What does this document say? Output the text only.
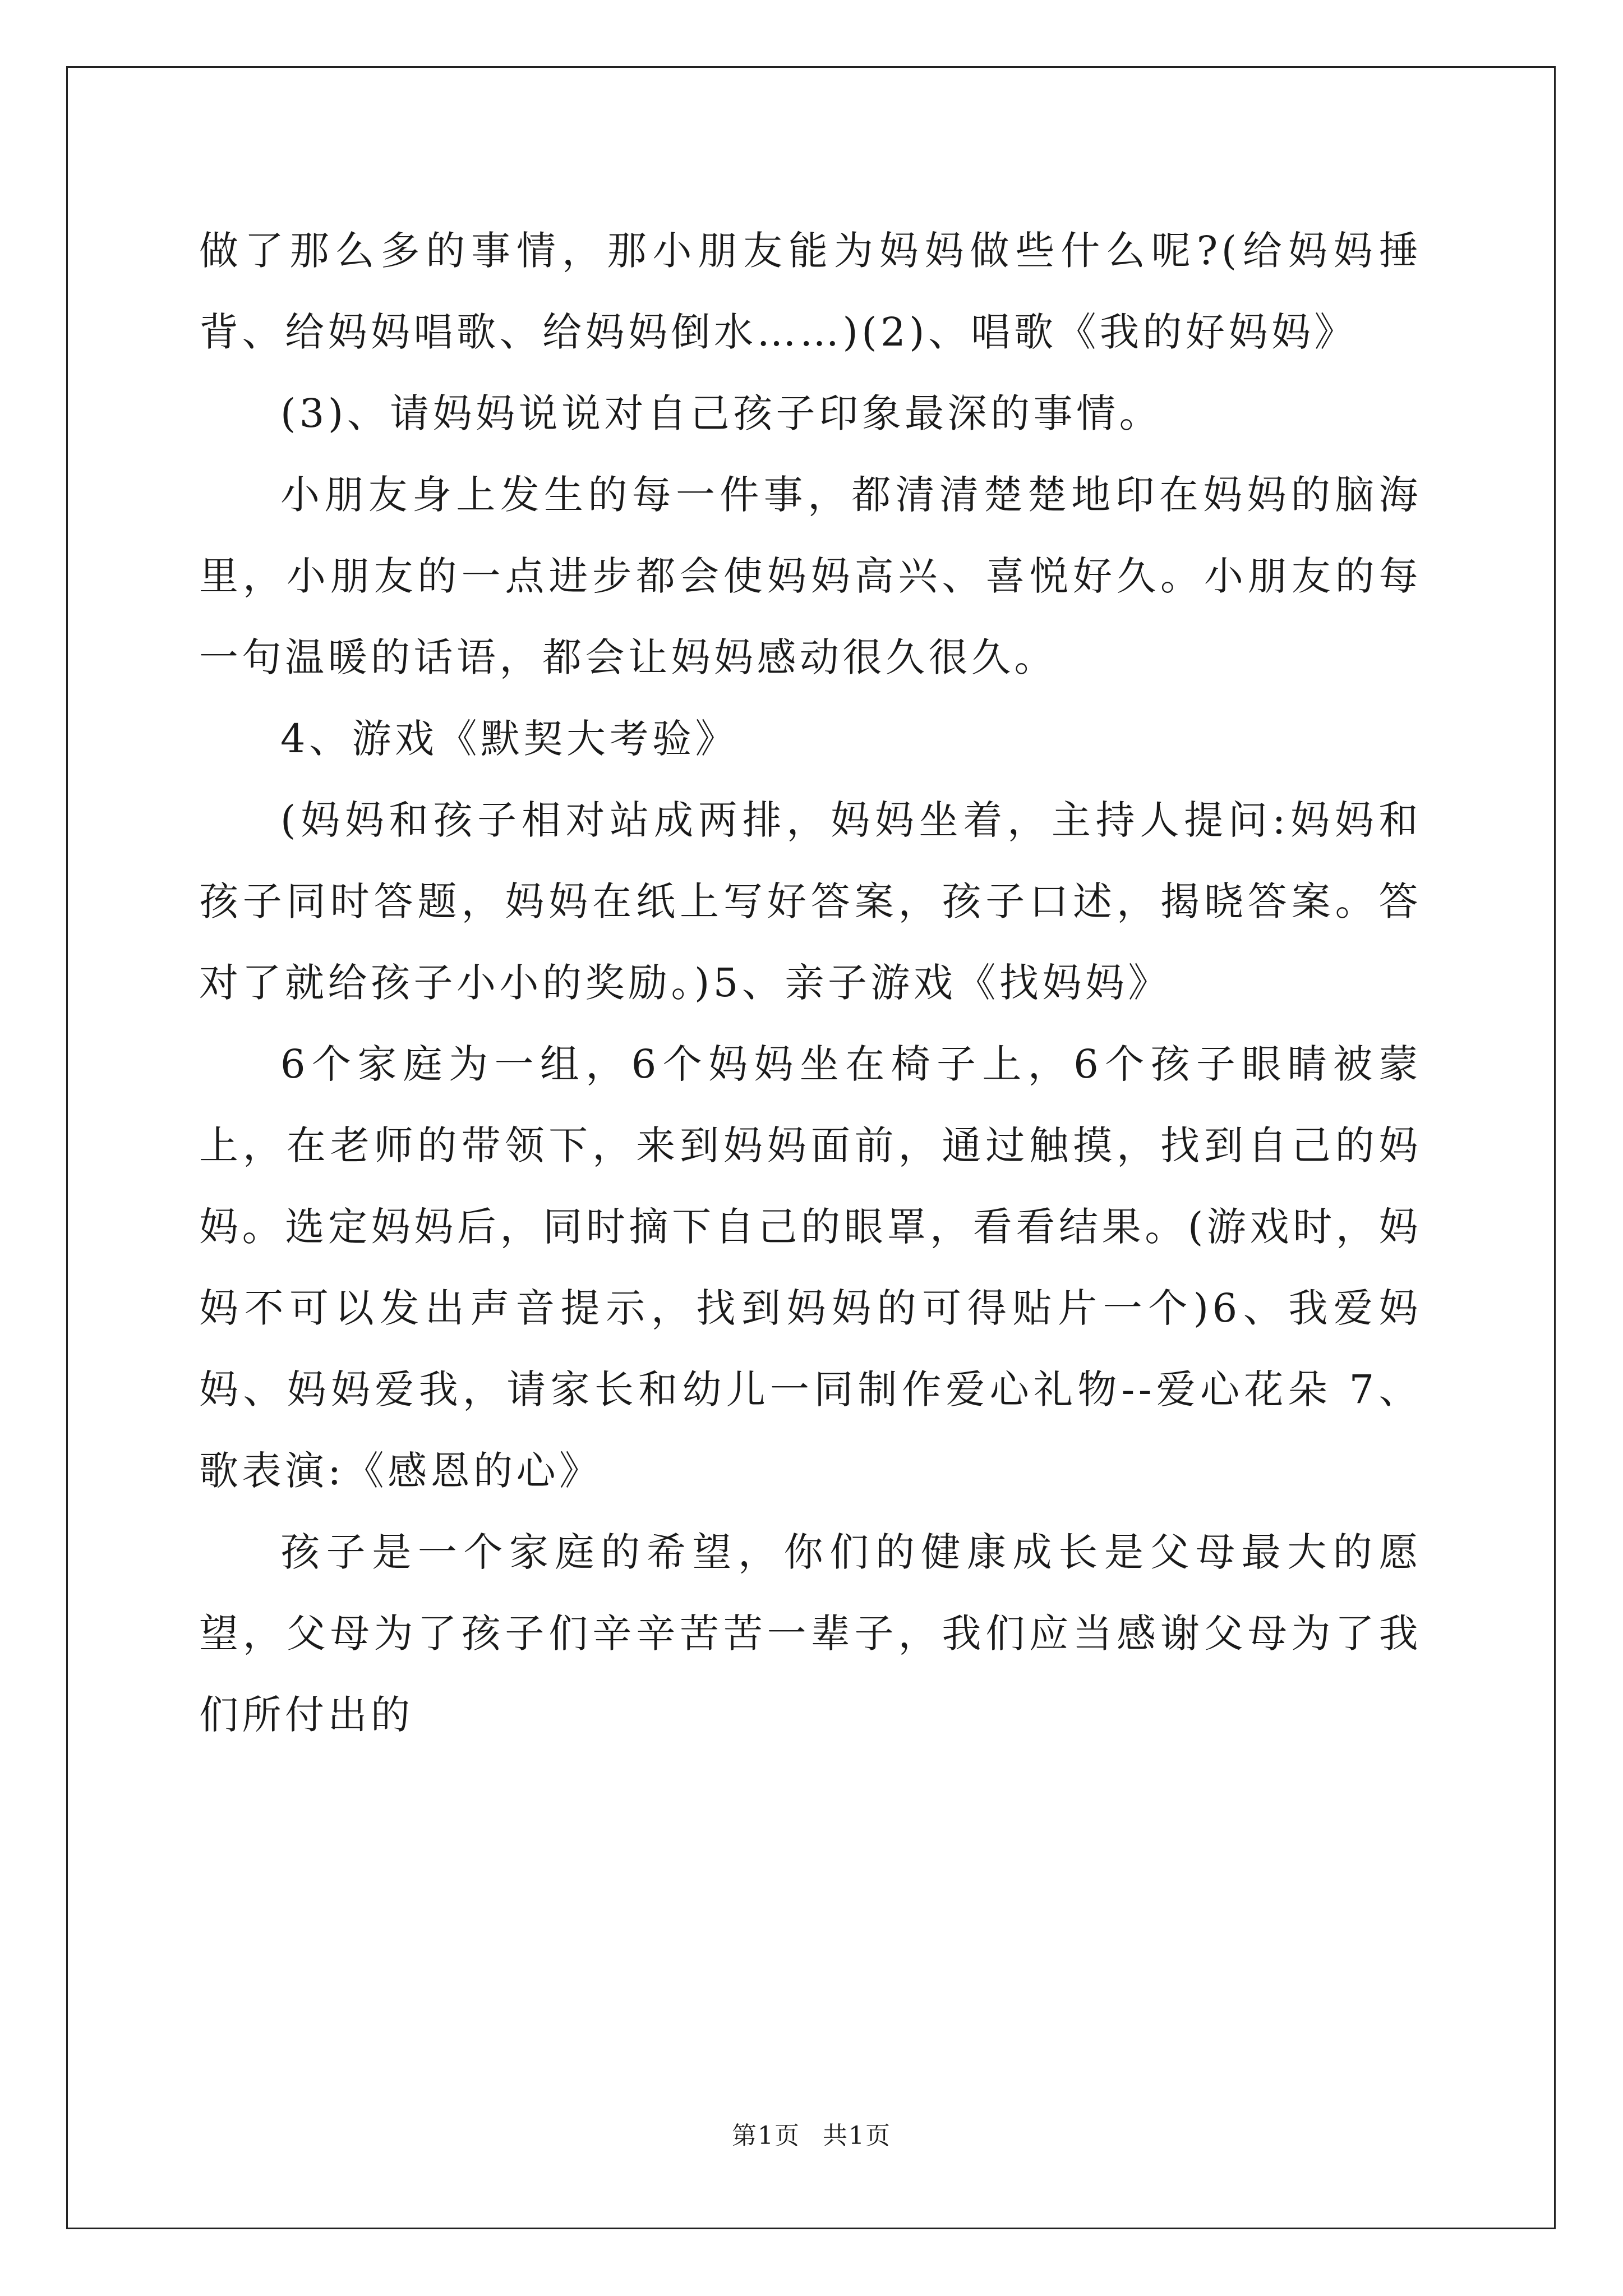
做了那么多的事情，那小朋友能为妈妈做些什么呢?(给妈妈捶背、给妈妈唱歌、给妈妈倒水……)(2)、唱歌《我的好妈妈》

(3)、请妈妈说说对自己孩子印象最深的事情。

小朋友身上发生的每一件事，都清清楚楚地印在妈妈的脑海里，小朋友的一点进步都会使妈妈高兴、喜悦好久。小朋友的每一句温暖的话语，都会让妈妈感动很久很久。

4、游戏《默契大考验》

(妈妈和孩子相对站成两排，妈妈坐着，主持人提问:妈妈和孩子同时答题，妈妈在纸上写好答案，孩子口述，揭晓答案。答对了就给孩子小小的奖励。)5、亲子游戏《找妈妈》

6个家庭为一组，6个妈妈坐在椅子上，6个孩子眼睛被蒙上，在老师的带领下，来到妈妈面前，通过触摸，找到自己的妈妈。选定妈妈后，同时摘下自己的眼罩，看看结果。(游戏时，妈妈不可以发出声音提示，找到妈妈的可得贴片一个)6、我爱妈妈、妈妈爱我，请家长和幼儿一同制作爱心礼物--爱心花朵 7、歌表演:《感恩的心》

孩子是一个家庭的希望，你们的健康成长是父母最大的愿望，父母为了孩子们辛辛苦苦一辈子，我们应当感谢父母为了我们所付出的

第1页 共1页
